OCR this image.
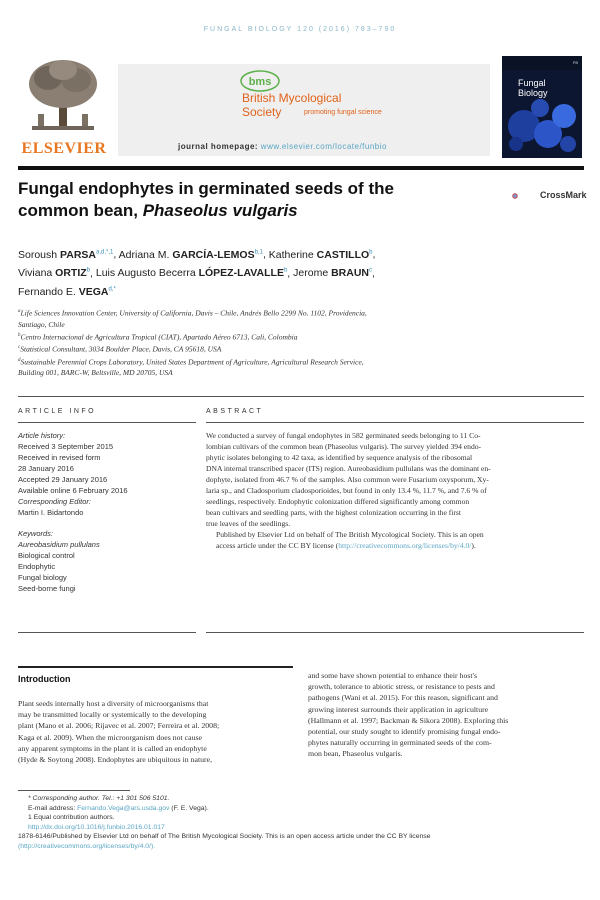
FUNGAL BIOLOGY 120 (2016) 783–790
ELSEVIER
bms
British Mycological
Society	promoting fungal science
journal homepage: www.elsevier.com/locate/funbio
FB
Fungal
Biology
Fungal endophytes in germinated seeds of the
common bean, Phaseolus vulgaris
CrossMark
Soroush $PARSA^{a,d,*,1}$, Adriana M. GARCÍA-LEMOS$^{b,1}$, Katherine CASTILLO$^b$,
Viviana ORTIZ$^b$, Luis Augusto Becerra LÓPEZ-LAVALLE$^b$, Jerome BRAUN$^c$,
Fernando E. $VEGA^{d,*}$
$^a$Life Sciences Innovation Center, University of California, Davis – Chile, Andrés Bello 2299 No. 1102, Providencia,
Santiago, Chile
$^b$Centro Internacional de Agricultura Tropical (CIAT), Apartado Aéreo 6713, Cali, Colombia
$^c$Statistical Consultant, 3034 Boulder Place, Davis, CA 95618, USA
$^d$Sustainable Perennial Crops Laboratory, United States Department of Agriculture, Agricultural Research Service,
Building 001, BARC-W, Beltsville, MD 20705, USA
ARTICLE INFO	ABSTRACT
Article history:
Received 3 September 2015
Received in revised form
28 January 2016
Accepted 29 January 2016
Available online 6 February 2016
Corresponding Editor:
Martin I. Bidartondo
Keywords:
Aureobasidium pullulans
Biological control
Endophytic
Fungal biology
Seed-borne fungi
We conducted a survey of fungal endophytes in 582 germinated seeds belonging to 11 Co-
lombian cultivars of the common bean (Phaseolus vulgaris). The survey yielded 394 endo-
phytic isolates belonging to 42 taxa, as identified by sequence analysis of the ribosomal
DNA internal transcribed spacer (ITS) region. Aureobasidium pullulans was the dominant en-
dophyte, isolated from 46.7 % of the samples. Also common were Fusarium oxysporum, Xy-
laria sp., and Cladosporium cladosporioides, but found in only 13.4 %, 11.7 %, and 7.6 % of
seedlings, respectively. Endophytic colonization differed significantly among common
bean cultivars and seedling parts, with the highest colonization occurring in the first
true leaves of the seedlings.
Published by Elsevier Ltd on behalf of The British Mycological Society. This is an open
access article under the CC BY license (http://creativecommons.org/licenses/by/4.0/).
Introduction
Plant seeds internally host a diversity of microorganisms that
may be transmitted locally or systemically to the developing
plant (Mano et al. 2006; Rijavec et al. 2007; Ferreira et al. 2008;
Kaga et al. 2009). When the microorganism does not cause
any apparent symptoms in the plant it is called an endophyte
(Hyde & Soytong 2008). Endophytes are ubiquitous in nature,
and some have shown potential to enhance their host's
growth, tolerance to abiotic stress, or resistance to pests and
pathogens (Wani et al. 2015). For this reason, significant and
growing interest surrounds their application in agriculture
(Hallmann et al. 1997; Backman & Sikora 2008). Exploring this
potential, our study sought to identify promising fungal endo-
phytes naturally occurring in germinated seeds of the com-
mon bean, Phaseolus vulgaris.
* Corresponding author. Tel.: +1 301 506 5101.
E-mail address: Fernando.Vega@ars.usda.gov (F. E. Vega).
1 Equal contribution authors.
http://dx.doi.org/10.1016/j.funbio.2016.01.017
1878-6146/Published by Elsevier Ltd on behalf of The British Mycological Society. This is an open access article under the CC BY license
(http://creativecommons.org/licenses/by/4.0/).
